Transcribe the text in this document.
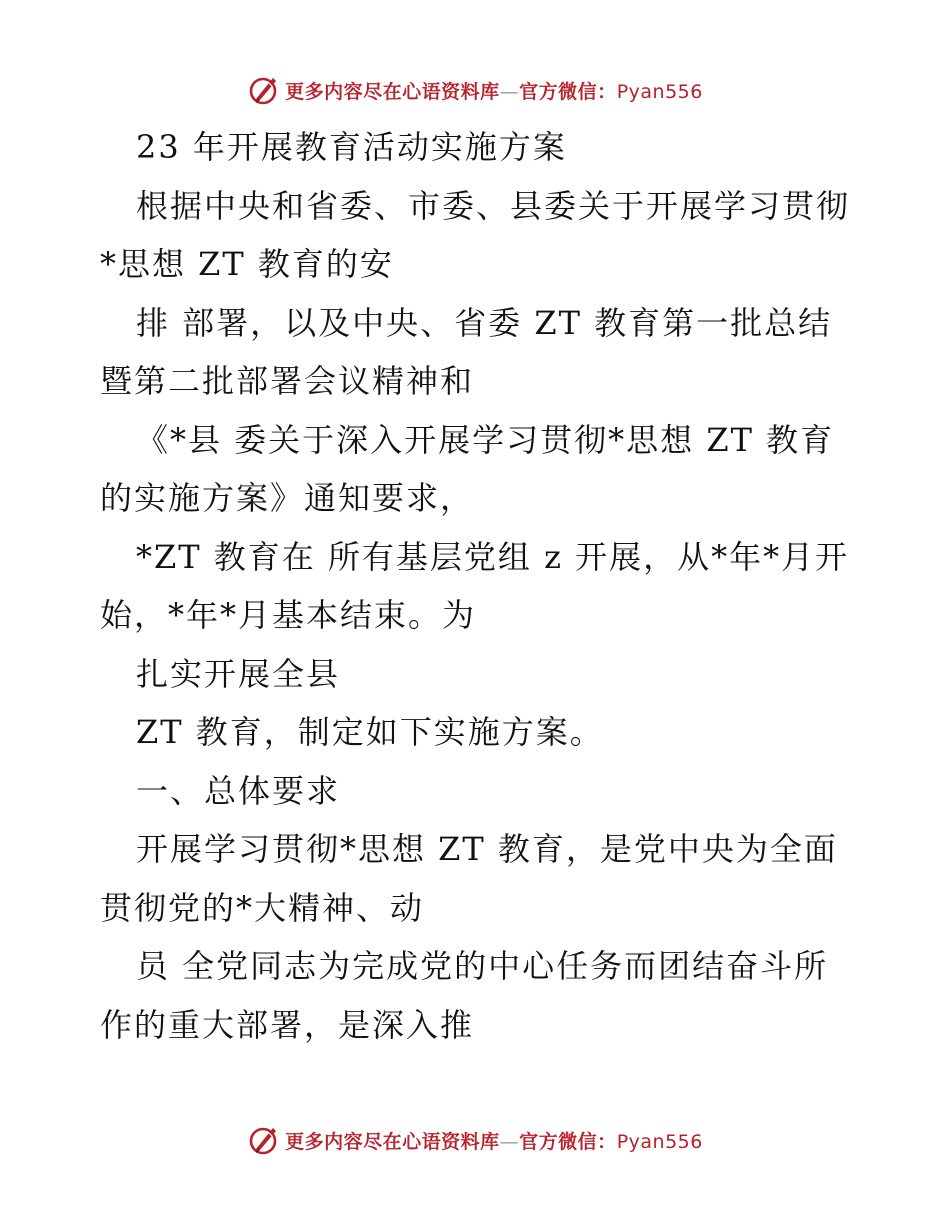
更多内容尽在心语资料库—官方微信：Pyan556
23 年开展教育活动实施方案
根据中央和省委、市委、县委关于开展学习贯彻
*思想 ZT 教育的安
排 部署，以及中央、省委 ZT 教育第一批总结
暨第二批部署会议精神和
《*县 委关于深入开展学习贯彻*思想 ZT 教育
的实施方案》通知要求，
*ZT 教育在 所有基层党组 z 开展，从*年*月开
始，*年*月基本结束。为
扎实开展全县
ZT 教育，制定如下实施方案。
一、总体要求
开展学习贯彻*思想 ZT 教育，是党中央为全面
贯彻党的*大精神、动
员 全党同志为完成党的中心任务而团结奋斗所
作的重大部署，是深入推
更多内容尽在心语资料库—官方微信：Pyan556
